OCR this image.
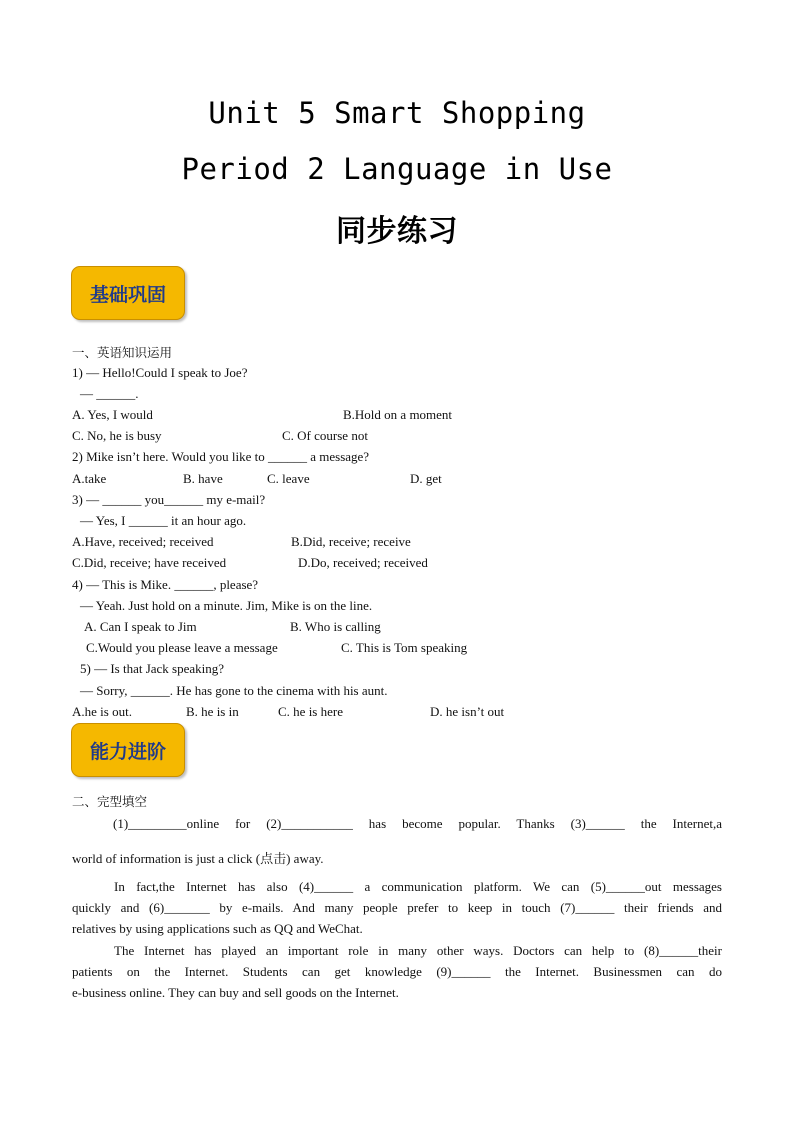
Unit 5 Smart Shopping
Period 2 Language in Use
同步练习
基础巩固
一、英语知识运用
1) — Hello!Could I speak to Joe?
— ______.
A. Yes, I would	B.Hold on a moment
C. No, he is busy	C. Of course not
2) Mike isn’t here. Would you like to ______ a message?
A.take	B. have	C. leave	D. get
3) — ______ you______ my e-mail?
— Yes, I ______ it an hour ago.
A.Have, received; received	B.Did, receive; receive
C.Did, receive; have received	D.Do, received; received
4) — This is Mike. ______, please?
— Yeah. Just hold on a minute. Jim, Mike is on the line.
A. Can I speak to Jim	B. Who is calling
C.Would you please leave a message	C. This is Tom speaking
5) — Is that Jack speaking?
— Sorry, ______. He has gone to the cinema with his aunt.
A.he is out.	B. he is in	C. he is here	D. he isn’t out
能力进阶
二、完型填空
(1)_________online for (2)___________ has become popular. Thanks (3)______ the Internet,a
world of information is just a click (点击) away.
In fact,the Internet has also (4)______ a communication platform. We can (5)______out messages
quickly and (6)_______ by e-mails. And many people prefer to keep in touch (7)______ their friends and
relatives by using applications such as QQ and WeChat.
The Internet has played an important role in many other ways. Doctors can help to (8)______their
patients on the Internet. Students can get knowledge (9)______ the Internet. Businessmen can do
e-business online. They can buy and sell goods on the Internet.
